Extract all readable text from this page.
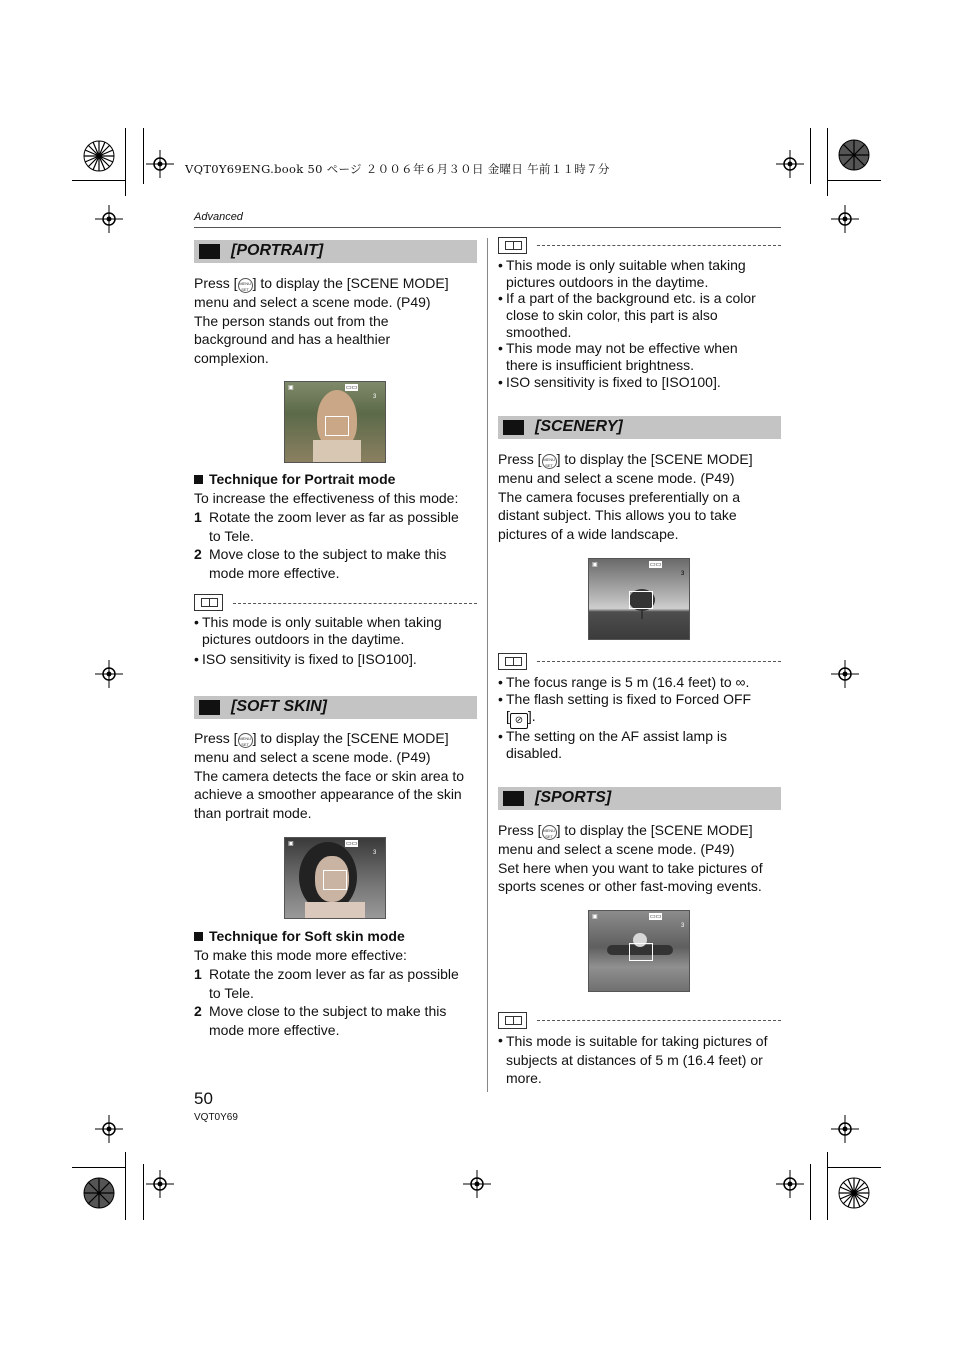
VQT0Y69ENG.book 50 ページ ２００６年６月３０日 金曜日 午前１１時７分
Advanced
[PORTRAIT]
Press [ MENU SET ] to display the [SCENE MODE]
menu and select a scene mode. (P49)
The person stands out from the
background and has a healthier
complexion.
▣
3
▭▭
Technique for Portrait mode
To increase the effectiveness of this mode:
1 Rotate the zoom lever as far as possible
to Tele.
2 Move close to the subject to make this
mode more effective.
• This mode is only suitable when taking
pictures outdoors in the daytime.
• ISO sensitivity is fixed to [ISO100].
[SOFT SKIN]
Press [ MENU SET ] to display the [SCENE MODE]
menu and select a scene mode. (P49)
The camera detects the face or skin area to
achieve a smoother appearance of the skin
than portrait mode.
▣
3
▭▭
Technique for Soft skin mode
To make this mode more effective:
1 Rotate the zoom lever as far as possible
to Tele.
2 Move close to the subject to make this
mode more effective.
• This mode is only suitable when taking
pictures outdoors in the daytime.
• If a part of the background etc. is a color
close to skin color, this part is also
smoothed.
• This mode may not be effective when
there is insufficient brightness.
• ISO sensitivity is fixed to [ISO100].
[SCENERY]
Press [ MENU SET ] to display the [SCENE MODE]
menu and select a scene mode. (P49)
The camera focuses preferentially on a
distant subject. This allows you to take
pictures of a wide landscape.
▣
3
▭▭
• The focus range is 5 m (16.4 feet) to ∞.
• The flash setting is fixed to Forced OFF
[ ⊘ ].
• The setting on the AF assist lamp is
disabled.
[SPORTS]
Press [ MENU SET ] to display the [SCENE MODE]
menu and select a scene mode. (P49)
Set here when you want to take pictures of
sports scenes or other fast-moving events.
▣
3
▭▭
• This mode is suitable for taking pictures of
subjects at distances of 5 m (16.4 feet) or
more.
50
VQT0Y69
